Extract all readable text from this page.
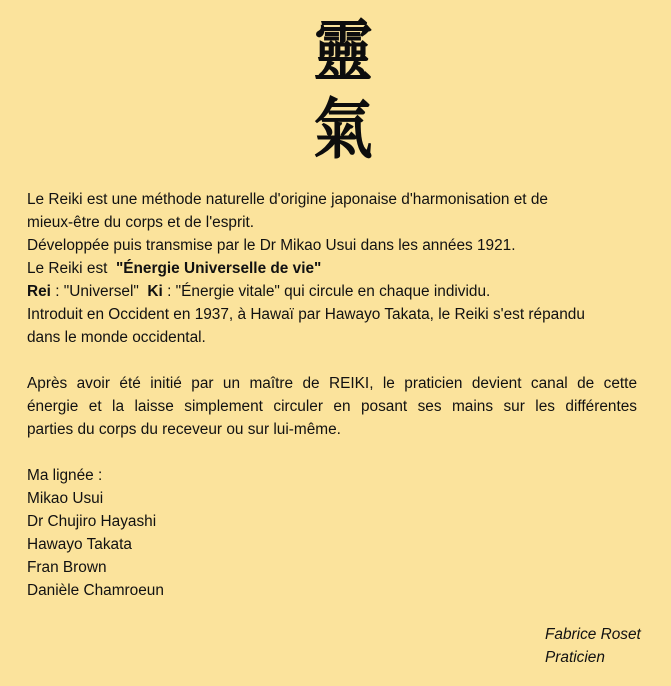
靈
氣
Le Reiki est une méthode naturelle d'origine japonaise d'harmonisation et de
mieux-être du corps et de l'esprit.
Développée puis transmise par le Dr Mikao Usui dans les années 1921.
Le Reiki est  "Énergie Universelle de vie"
Rei : "Universel"  Ki : "Énergie vitale" qui circule en chaque individu.
Introduit en Occident en 1937, à Hawaï par Hawayo Takata, le Reiki s'est répandu
dans le monde occidental.
Après avoir été initié par un maître de REIKI, le praticien devient canal de cette
énergie et la laisse simplement circuler en posant ses mains sur les différentes
parties du corps du receveur ou sur lui-même.
Ma lignée :
Mikao Usui
Dr Chujiro Hayashi
Hawayo Takata
Fran Brown
Danièle Chamroeun
Fabrice Roset
Praticien
